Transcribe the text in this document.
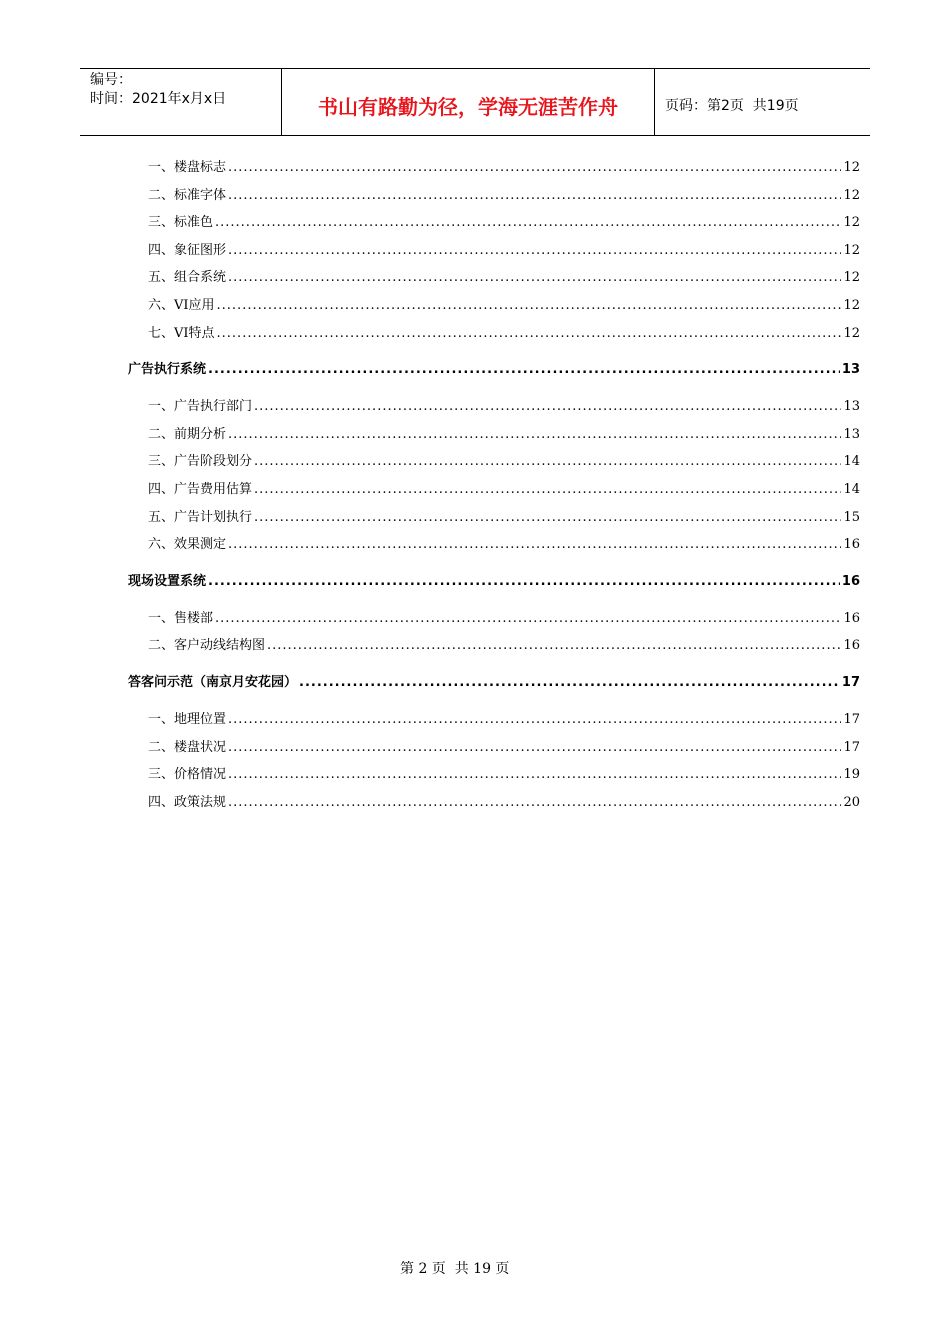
编号：
时间：2021年x月x日	书山有路勤为径，学海无涯苦作舟	页码：第2页  共19页
一、楼盘标志 .....	12
二、标准字体 .....	12
三、标准色 .....	12
四、象征图形 .....	12
五、组合系统 .....	12
六、VI应用 .....	12
七、VI特点 .....	12
广告执行系统 .....	13
一、广告执行部门 .....	13
二、前期分析 .....	13
三、广告阶段划分 .....	14
四、广告费用估算 .....	14
五、广告计划执行 .....	15
六、效果测定 .....	16
现场设置系统 .....	16
一、售楼部 .....	16
二、客户动线结构图 .....	16
答客问示范（南京月安花园） .....	17
一、地理位置 .....	17
二、楼盘状况 .....	17
三、价格情况 .....	19
四、政策法规 .....	20
第 2 页  共 19 页
